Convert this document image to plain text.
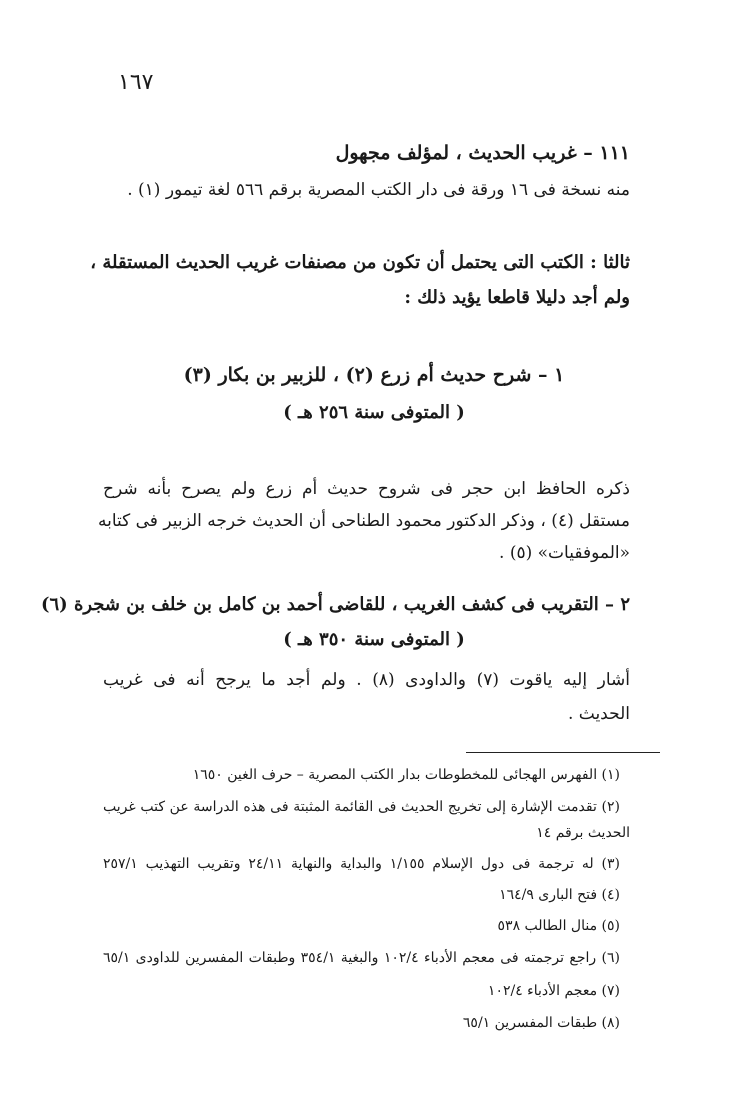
١٦٧
١١١ – غريب الحديث ، لمؤلف مجهول
منه نسخة فى ١٦ ورقة فى دار الكتب المصرية برقم ٥٦٦ لغة تيمور (١) .
ثالثا : الكتب التى يحتمل أن تكون من مصنفات غريب الحديث المستقلة ،
ولم أجد دليلا قاطعا يؤيد ذلك :
١ – شرح حديث أم زرع (٢) ، للزبير بن بكار (٣)
( المتوفى سنة ٢٥٦ هـ )
ذكره الحافظ ابن حجر فى شروح حديث أم زرع ولم يصرح بأنه شرح
مستقل (٤) ، وذكر الدكتور محمود الطناحى أن الحديث خرجه الزبير فى كتابه
«الموفقيات» (٥) .
٢ – التقريب فى كشف الغريب ، للقاضى أحمد بن كامل بن خلف بن شجرة (٦)
( المتوفى سنة ٣٥٠ هـ )
أشار إليه ياقوت (٧) والداودى (٨) . ولم أجد ما يرجح أنه فى غريب
الحديث .
(١) الفهرس الهجائى للمخطوطات بدار الكتب المصرية – حرف الغين ١٦٥٠
(٢) تقدمت الإشارة إلى تخريج الحديث فى القائمة المثبتة فى هذه الدراسة عن كتب غريب
الحديث برقم ١٤
(٣) له ترجمة فى دول الإسلام ١/١٥٥ والبداية والنهاية ٢٤/١١ وتقريب التهذيب ٢٥٧/١
(٤) فتح البارى ١٦٤/٩
(٥) منال الطالب ٥٣٨
(٦) راجع ترجمته فى معجم الأدباء ١٠٢/٤ والبغية ٣٥٤/١ وطبقات المفسرين للداودى ٦٥/١
(٧) معجم الأدباء ١٠٢/٤
(٨) طبقات المفسرين ٦٥/١
